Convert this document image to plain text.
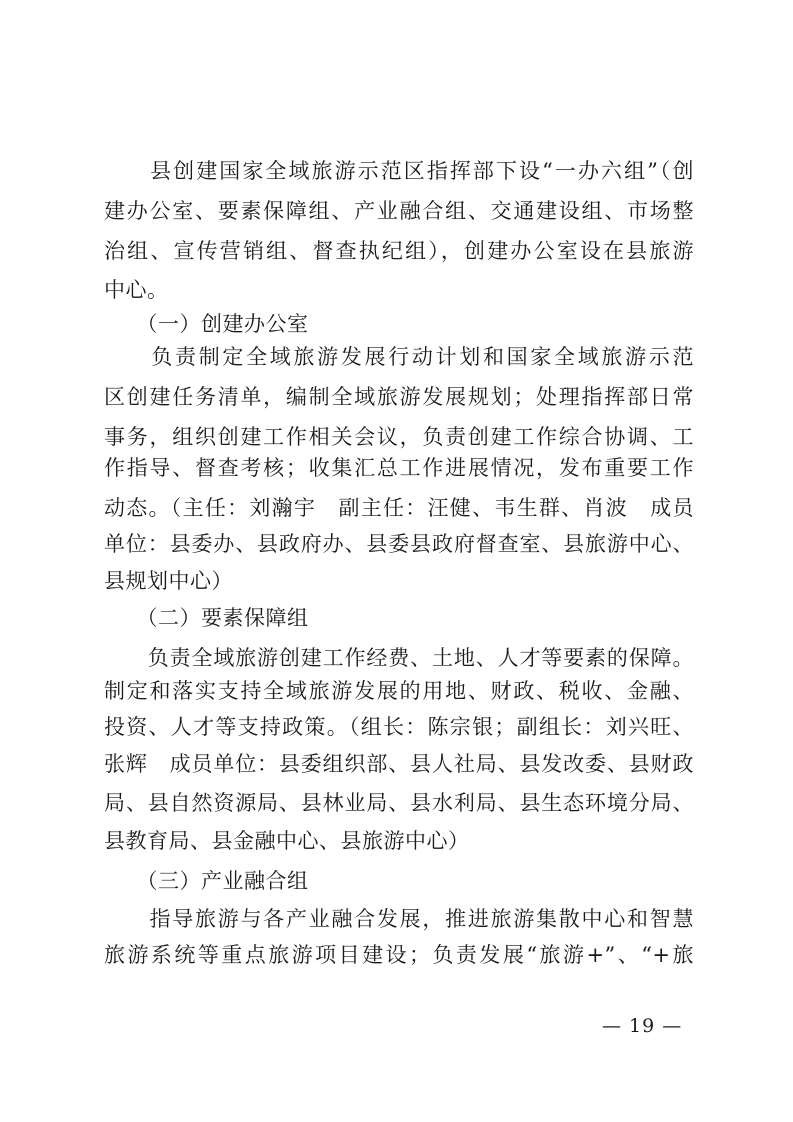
　　县创建国家全域旅游示范区指挥部下设“一办六组”（创
建办公室、要素保障组、产业融合组、交通建设组、市场整
治组、宣传营销组、督查执纪组），创建办公室设在县旅游
中心。
　　（一）创建办公室
　　负责制定全域旅游发展行动计划和国家全域旅游示范
区创建任务清单，编制全域旅游发展规划；处理指挥部日常
事务，组织创建工作相关会议，负责创建工作综合协调、工
作指导、督查考核；收集汇总工作进展情况，发布重要工作
动态。（主任：刘瀚宇　副主任：汪健、韦生群、肖波　成员
单位：县委办、县政府办、县委县政府督查室、县旅游中心、
县规划中心）
　　（二）要素保障组
　　负责全域旅游创建工作经费、土地、人才等要素的保障。
制定和落实支持全域旅游发展的用地、财政、税收、金融、
投资、人才等支持政策。（组长：陈宗银；副组长：刘兴旺、
张辉　成员单位：县委组织部、县人社局、县发改委、县财政
局、县自然资源局、县林业局、县水利局、县生态环境分局、
县教育局、县金融中心、县旅游中心）
　　（三）产业融合组
　　指导旅游与各产业融合发展，推进旅游集散中心和智慧
旅游系统等重点旅游项目建设；负责发展“旅游+”、“+旅
— 19 —
